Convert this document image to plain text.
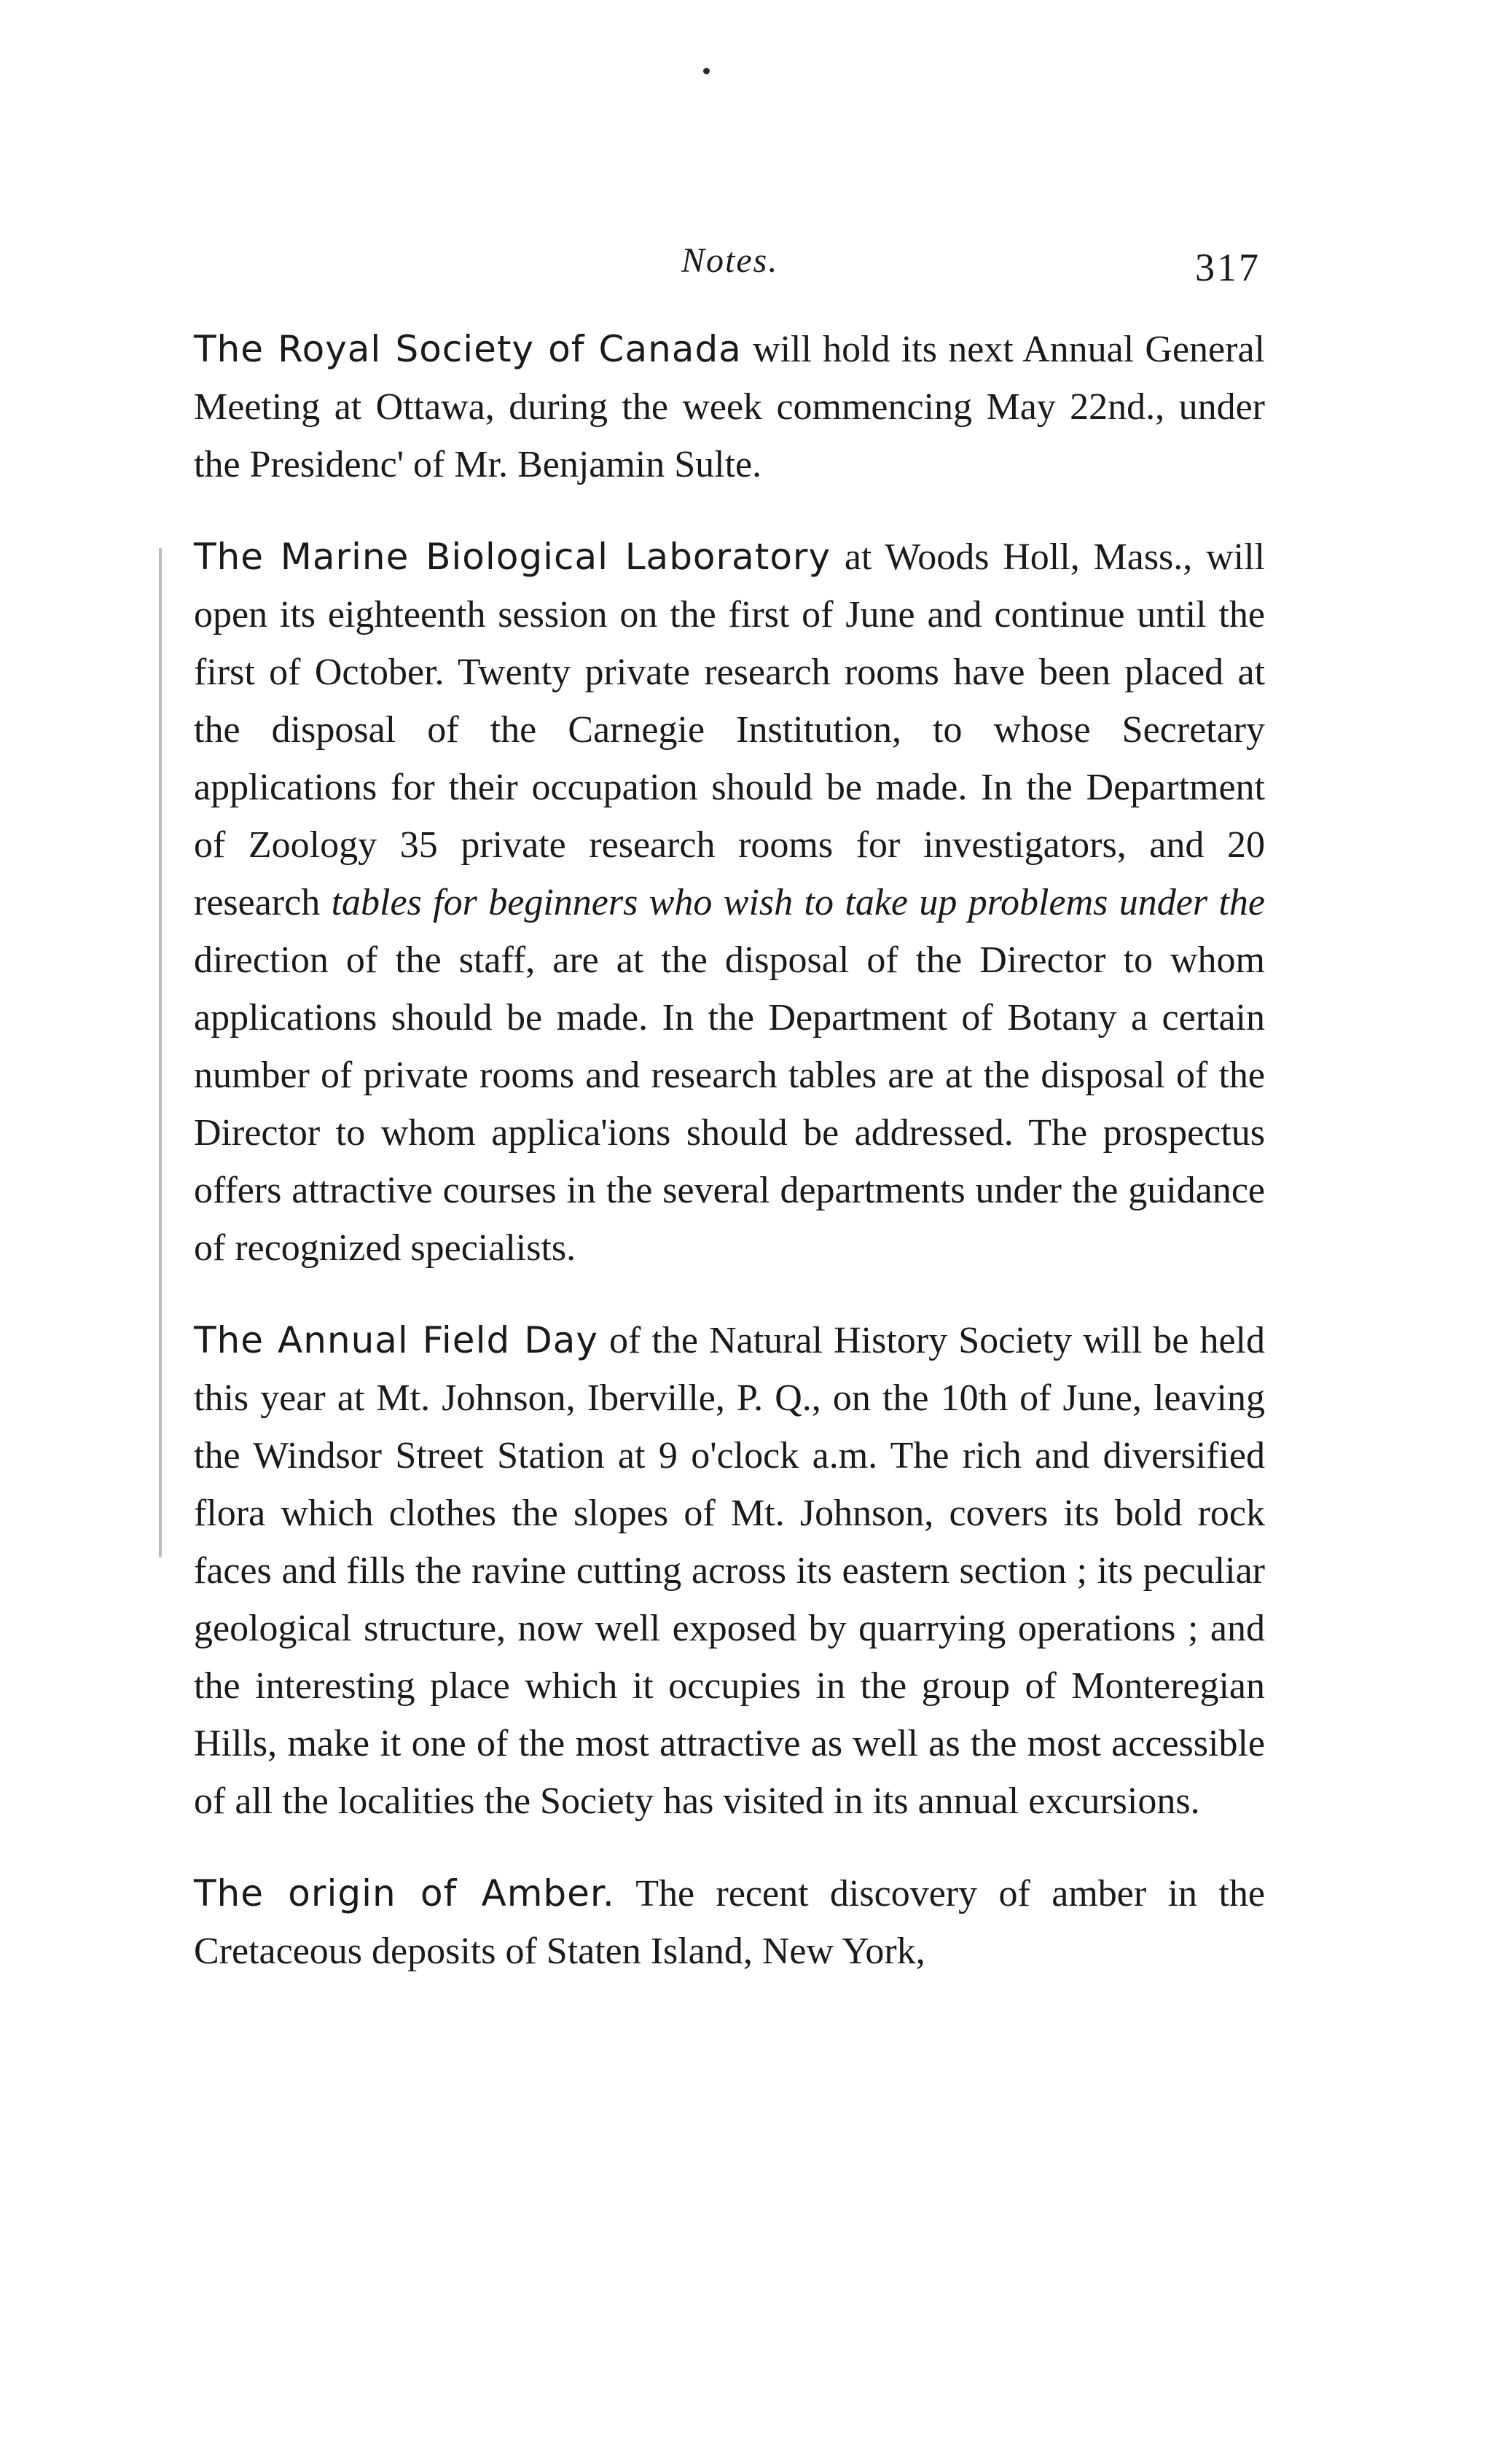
Notes.	317

The Royal Society of Canada will hold its next Annual General Meeting at Ottawa, during the week commencing May 22nd., under the Presidenc' of Mr. Benjamin Sulte.

The Marine Biological Laboratory at Woods Holl, Mass., will open its eighteenth session on the first of June and continue until the first of October. Twenty private research rooms have been placed at the disposal of the Carnegie Institution, to whose Secretary applications for their occupation should be made. In the Department of Zoology 35 private research rooms for investigators, and 20 research tables for beginners who wish to take up problems under the direction of the staff, are at the disposal of the Director to whom applications should be made. In the Department of Botany a certain number of private rooms and research tables are at the disposal of the Director to whom applica'ions should be addressed. The prospectus offers attractive courses in the several departments under the guidance of recognized specialists.

The Annual Field Day of the Natural History Society will be held this year at Mt. Johnson, Iberville, P. Q., on the 10th of June, leaving the Windsor Street Station at 9 o'clock a.m. The rich and diversified flora which clothes the slopes of Mt. Johnson, covers its bold rock faces and fills the ravine cutting across its eastern section ; its peculiar geological structure, now well exposed by quarrying operations ; and the interesting place which it occupies in the group of Monteregian Hills, make it one of the most attractive as well as the most accessible of all the localities the Society has visited in its annual excursions.

The origin of Amber. The recent discovery of amber in the Cretaceous deposits of Staten Island, New York,
